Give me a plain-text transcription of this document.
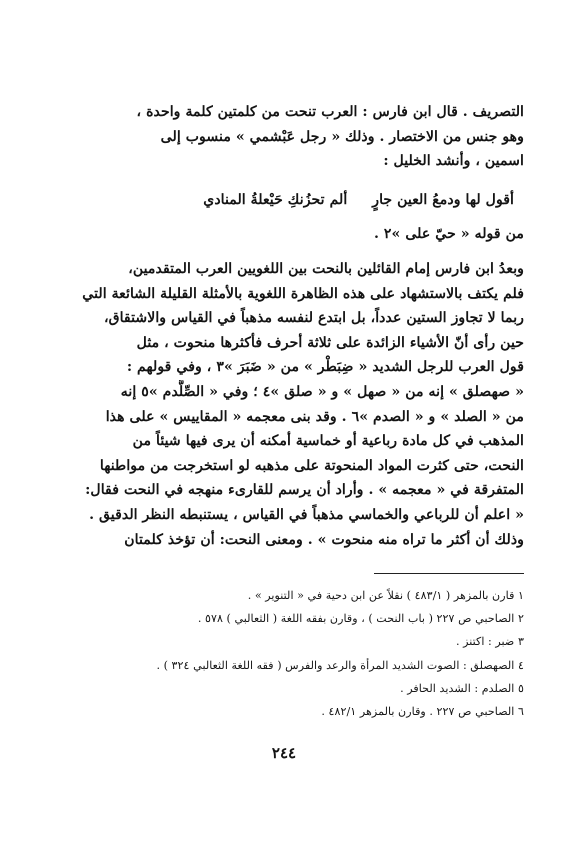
التصريف . قال ابن فارس : العرب تنحت من كلمتين كلمة واحدة ،
وهو جنس من الاختصار . وذلك « رجل عَبْشمي » منسوب إلى
اسمين ، وأنشد الخليل :
أقول لها ودمعُ العين جارٍ ألم تحزُنكِ حَيْعلةُ المنادي
من قوله « حيّ على »٢ .
وبعدُ ابن فارس إمام القائلين بالنحت بين اللغويين العرب المتقدمين،
فلم يكتف بالاستشهاد على هذه الظاهرة اللغوية بالأمثلة القليلة الشائعة التي
ربما لا تجاوز الستين عدداً، بل ابتدع لنفسه مذهباً في القياس والاشتقاق،
حين رأى أنّ الأشياء الزائدة على ثلاثة أحرف فأكثرها منحوت ، مثل
قول العرب للرجل الشديد « ضِبَطْر » من « ضَبَرَ »٣ ، وفي قولهم :
« صهصلق » إنه من « صهل » و « صلق »٤ ؛ وفي « الصِّلَّدم »٥ إنه
من « الصلد » و « الصدم »٦ . وقد بنى معجمه « المقاييس » على هذا
المذهب في كل مادة رباعية أو خماسية أمكنه أن يرى فيها شيئاً من
النحت، حتى كثرت المواد المنحوتة على مذهبه لو استخرجت من مواطنها
المتفرقة في « معجمه » . وأراد أن يرسم للقارىء منهجه في النحت فقال:
« اعلم أن للرباعي والخماسي مذهباً في القياس ، يستنبطه النظر الدقيق .
وذلك أن أكثر ما تراه منه منحوت » . ومعنى النحت: أن تؤخذ كلمتان
١ قارن بالمزهر ( ٤٨٣/١ ) نقلاً عن ابن دحية في « التنوير » .
٢ الصاحبي ص ٢٢٧ ( باب النحت ) ، وقارن بفقه اللغة ( الثعالبي ) ٥٧٨ .
٣ ضبر : اكتنز .
٤ الصهصلق : الصوت الشديد المرأة والرعد والفرس ( فقه اللغة الثعالبي ٣٢٤ ) .
٥ الصلدم : الشديد الحافر .
٦ الصاحبي ص ٢٢٧ . وقارن بالمزهر ٤٨٢/١ .
٢٤٤
